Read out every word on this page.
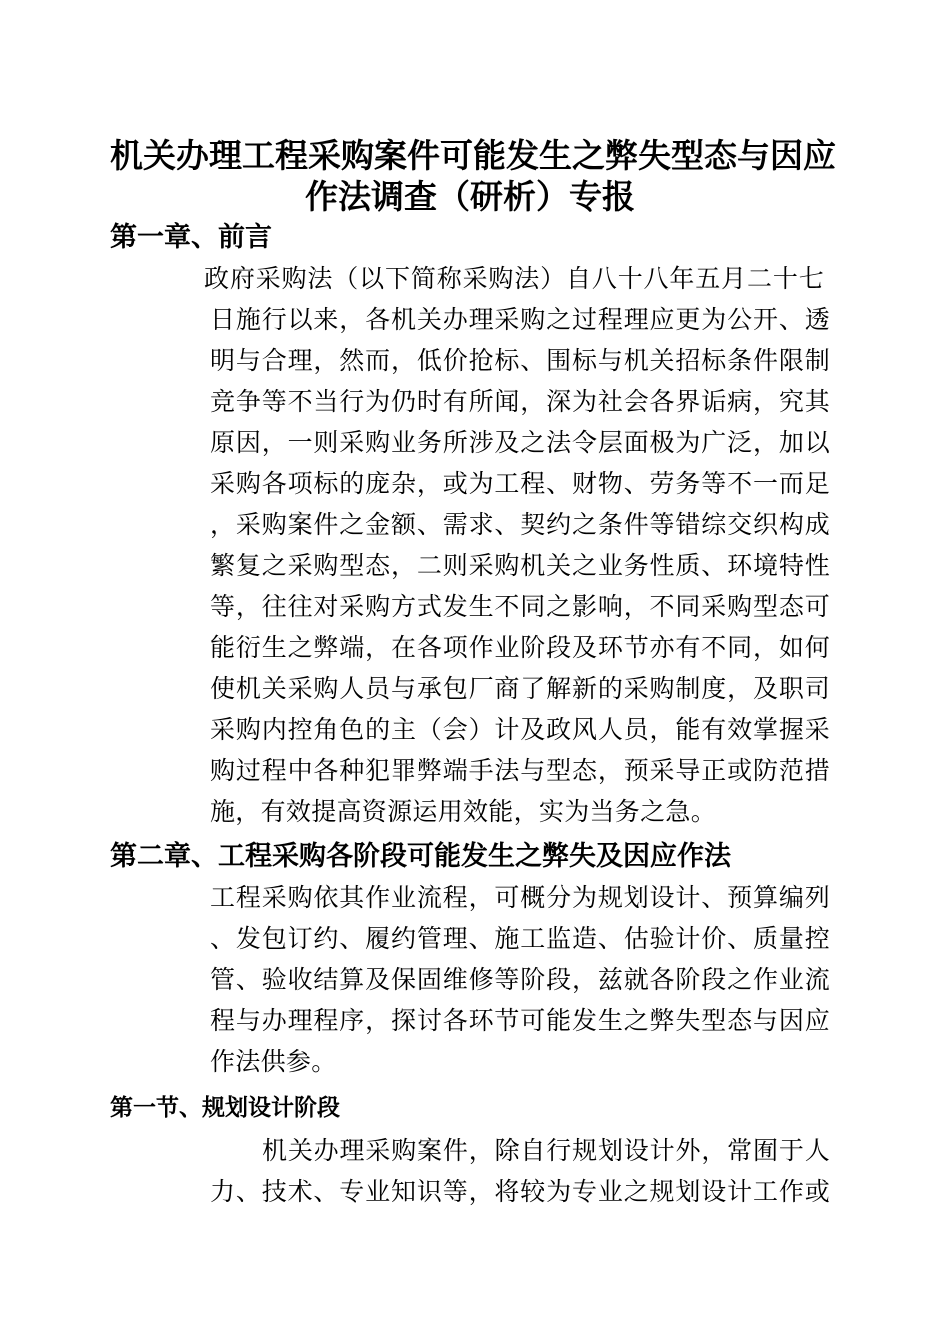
机关办理工程采购案件可能发生之弊失型态与因应
作法调查（研析）专报
第一章、前言
政府采购法（以下简称采购法）自八十八年五月二十七
日施行以来，各机关办理采购之过程理应更为公开、透
明与合理，然而，低价抢标、围标与机关招标条件限制
竞争等不当行为仍时有所闻，深为社会各界诟病，究其
原因，一则采购业务所涉及之法令层面极为广泛，加以
采购各项标的庞杂，或为工程、财物、劳务等不一而足
，采购案件之金额、需求、契约之条件等错综交织构成
繁复之采购型态，二则采购机关之业务性质、环境特性
等，往往对采购方式发生不同之影响，不同采购型态可
能衍生之弊端，在各项作业阶段及环节亦有不同，如何
使机关采购人员与承包厂商了解新的采购制度，及职司
采购内控角色的主（会）计及政风人员，能有效掌握采
购过程中各种犯罪弊端手法与型态，预采导正或防范措
施，有效提高资源运用效能，实为当务之急。
第二章、工程采购各阶段可能发生之弊失及因应作法
工程采购依其作业流程，可概分为规划设计、预算编列
、发包订约、履约管理、施工监造、估验计价、质量控
管、验收结算及保固维修等阶段，兹就各阶段之作业流
程与办理程序，探讨各环节可能发生之弊失型态与因应
作法供参。
第一节、规划设计阶段
机关办理采购案件，除自行规划设计外，常囿于人
力、技术、专业知识等，将较为专业之规划设计工作或
